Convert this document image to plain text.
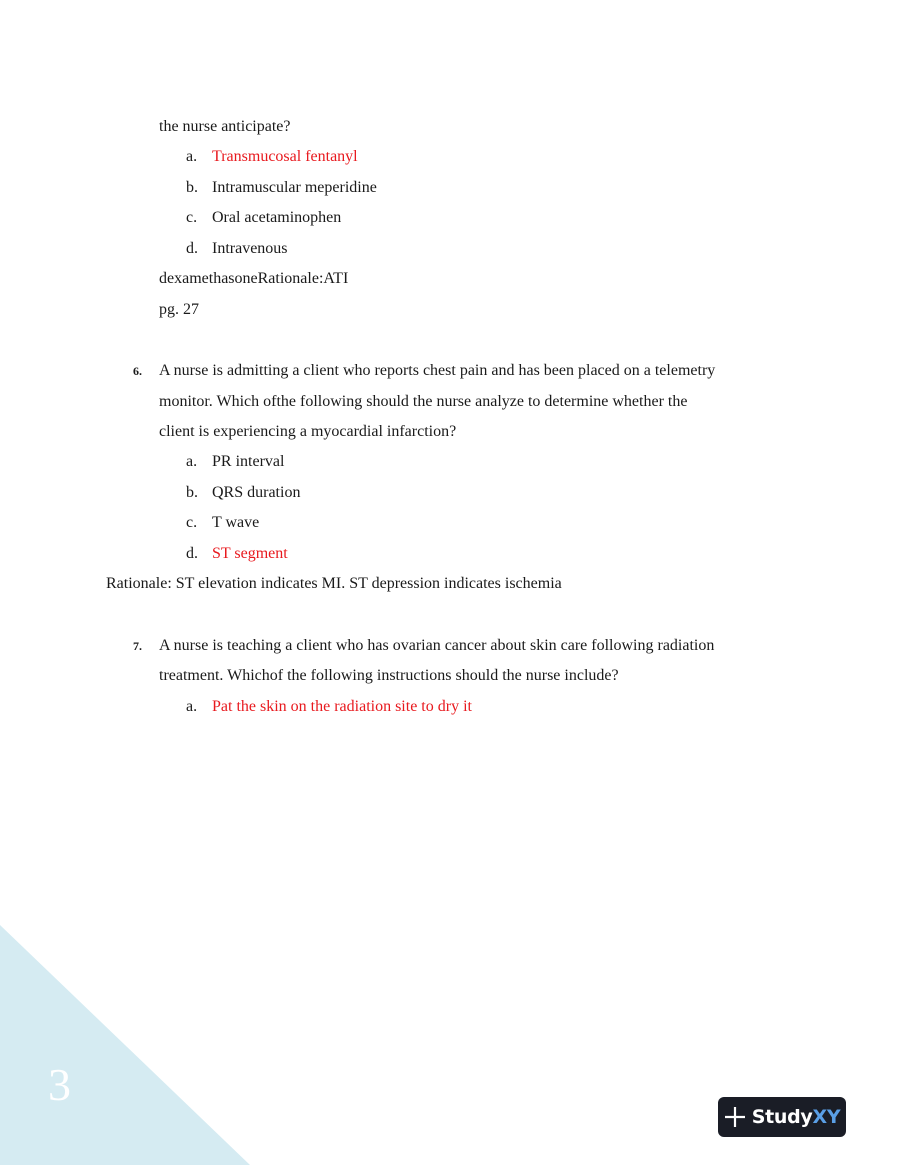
the nurse anticipate?
a. Transmucosal fentanyl
b. Intramuscular meperidine
c. Oral acetaminophen
d. Intravenous
dexamethasoneRationale:ATI
pg. 27
6. A nurse is admitting a client who reports chest pain and has been placed on a telemetry
monitor. Which ofthe following should the nurse analyze to determine whether the
client is experiencing a myocardial infarction?
a. PR interval
b. QRS duration
c. T wave
d. ST segment
Rationale: ST elevation indicates MI. ST depression indicates ischemia
7. A nurse is teaching a client who has ovarian cancer about skin care following radiation
treatment. Whichof the following instructions should the nurse include?
a. Pat the skin on the radiation site to dry it
3
StudyXY
